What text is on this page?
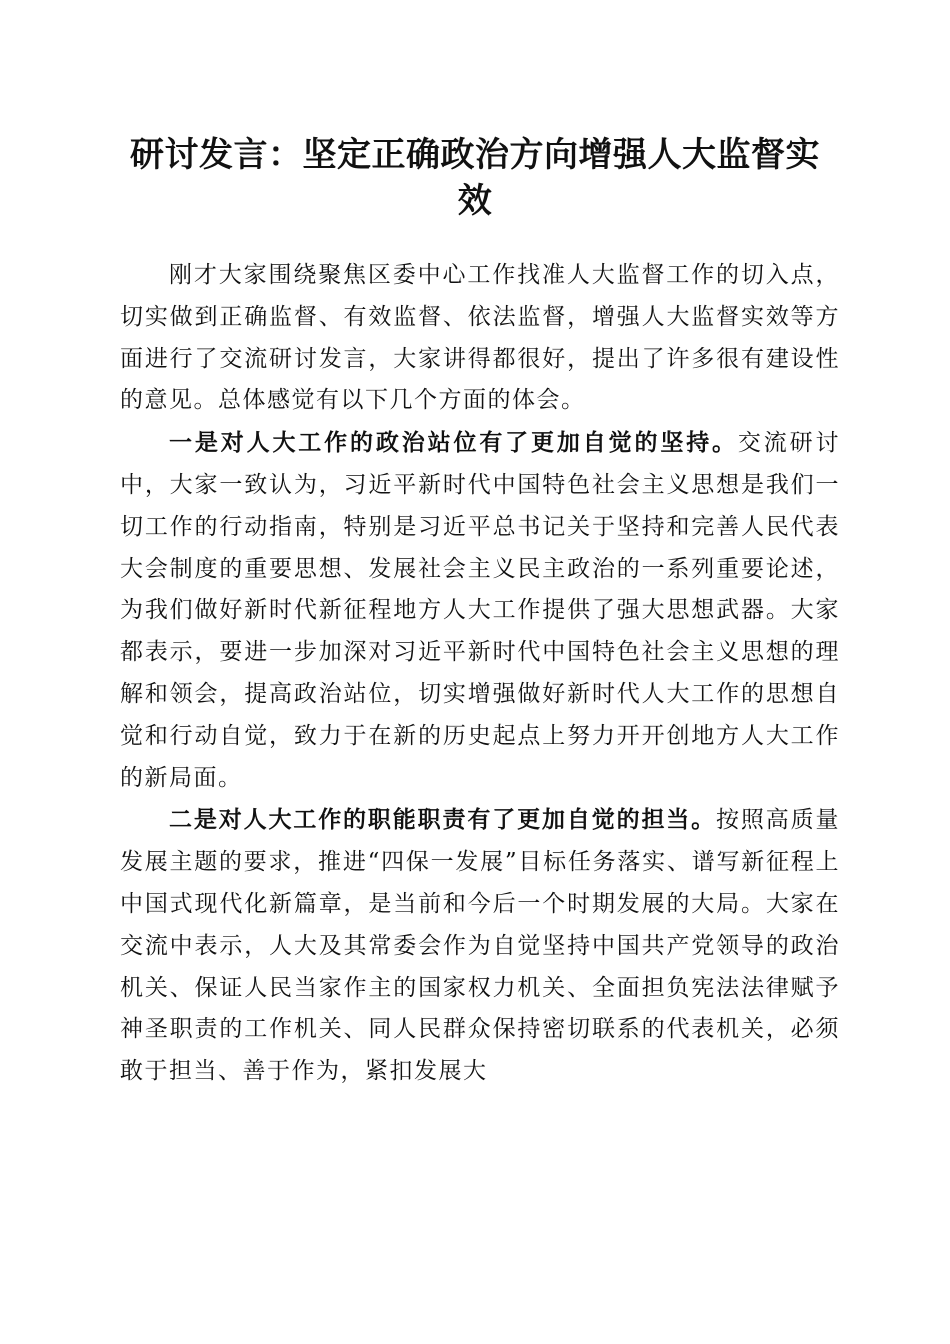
研讨发言：坚定正确政治方向增强人大监督实效

刚才大家围绕聚焦区委中心工作找准人大监督工作的切入点，切实做到正确监督、有效监督、依法监督，增强人大监督实效等方面进行了交流研讨发言，大家讲得都很好，提出了许多很有建设性的意见。总体感觉有以下几个方面的体会。

一是对人大工作的政治站位有了更加自觉的坚持。交流研讨中，大家一致认为，习近平新时代中国特色社会主义思想是我们一切工作的行动指南，特别是习近平总书记关于坚持和完善人民代表大会制度的重要思想、发展社会主义民主政治的一系列重要论述，为我们做好新时代新征程地方人大工作提供了强大思想武器。大家都表示，要进一步加深对习近平新时代中国特色社会主义思想的理解和领会，提高政治站位，切实增强做好新时代人大工作的思想自觉和行动自觉，致力于在新的历史起点上努力开开创地方人大工作的新局面。

二是对人大工作的职能职责有了更加自觉的担当。按照高质量发展主题的要求，推进“四保一发展”目标任务落实、谱写新征程上中国式现代化新篇章，是当前和今后一个时期发展的大局。大家在交流中表示，人大及其常委会作为自觉坚持中国共产党领导的政治机关、保证人民当家作主的国家权力机关、全面担负宪法法律赋予神圣职责的工作机关、同人民群众保持密切联系的代表机关，必须敢于担当、善于作为，紧扣发展大
